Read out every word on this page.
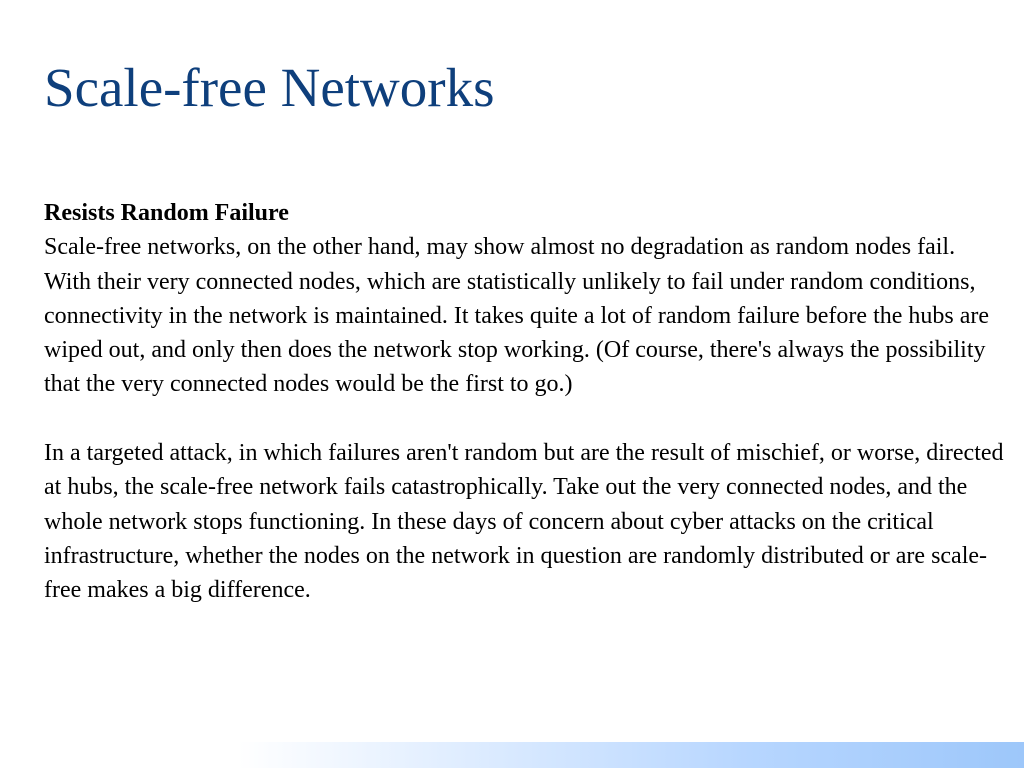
Scale-free Networks
Resists Random Failure

Scale-free networks, on the other hand, may show almost no degradation as random nodes fail. With their very connected nodes, which are statistically unlikely to fail under random conditions, connectivity in the network is maintained. It takes quite a lot of random failure before the hubs are wiped out, and only then does the network stop working. (Of course, there's always the possibility that the very connected nodes would be the first to go.)

In a targeted attack, in which failures aren't random but are the result of mischief, or worse, directed at hubs, the scale-free network fails catastrophically. Take out the very connected nodes, and the whole network stops functioning. In these days of concern about cyber attacks on the critical infrastructure, whether the nodes on the network in question are randomly distributed or are scale-free makes a big difference.
